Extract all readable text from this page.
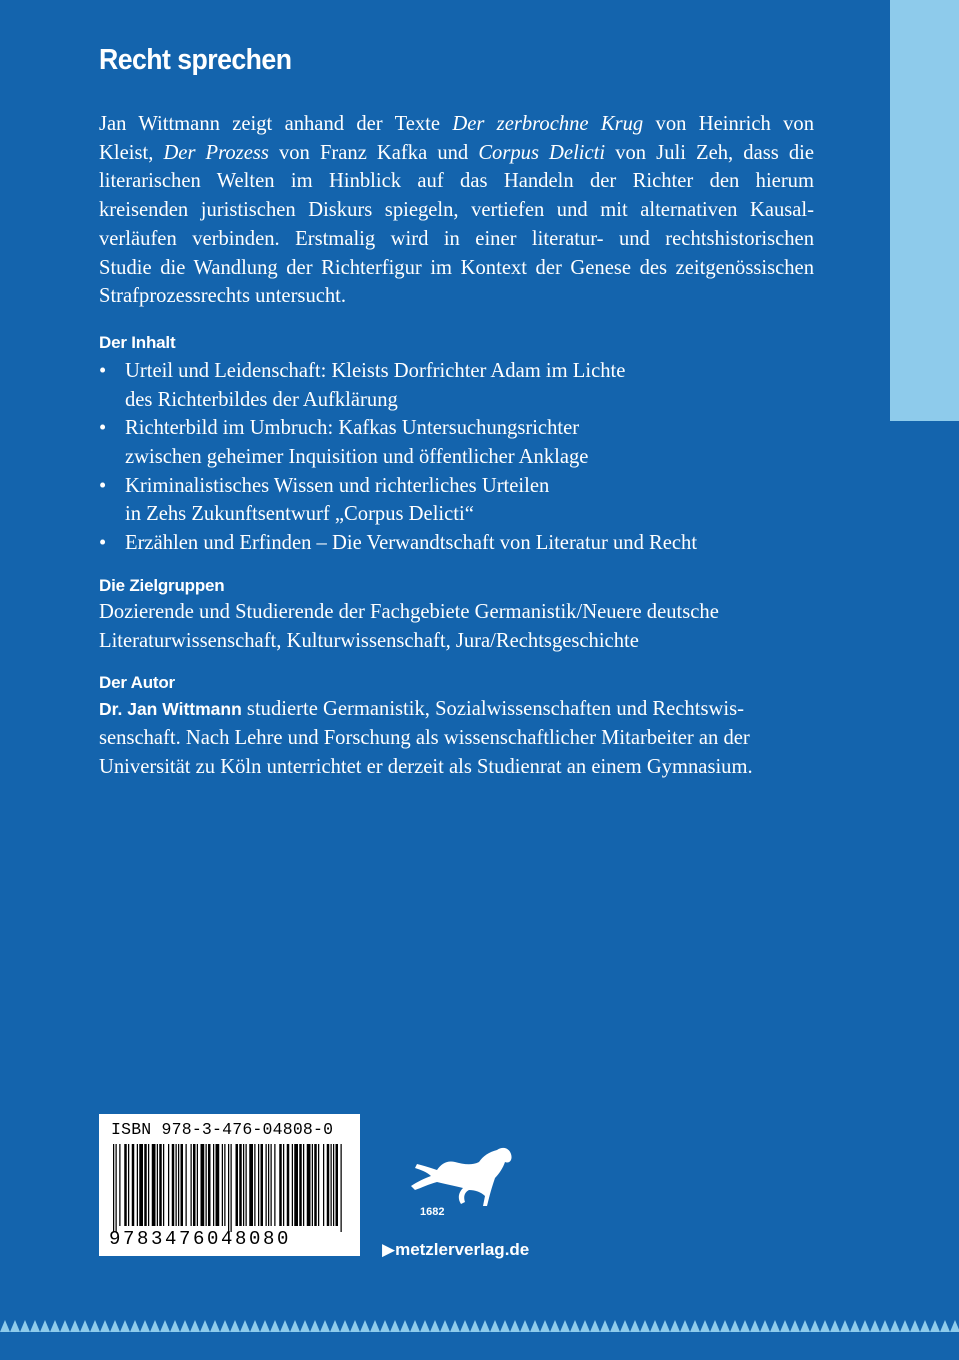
Recht sprechen

Jan Wittmann zeigt anhand der Texte Der zerbrochne Krug von Heinrich von
Kleist, Der Prozess von Franz Kafka und Corpus Delicti von Juli Zeh, dass die
literarischen Welten im Hinblick auf das Handeln der Richter den hierum
kreisenden juristischen Diskurs spiegeln, vertiefen und mit alternativen Kausal-
verläufen verbinden. Erstmalig wird in einer literatur- und rechtshistorischen
Studie die Wandlung der Richterfigur im Kontext der Genese des zeitgenössischen
Strafprozessrechts untersucht.

Der Inhalt
• Urteil und Leidenschaft: Kleists Dorfrichter Adam im Lichte
des Richterbildes der Aufklärung
• Richterbild im Umbruch: Kafkas Untersuchungsrichter
zwischen geheimer Inquisition und öffentlicher Anklage
• Kriminalistisches Wissen und richterliches Urteilen
in Zehs Zukunftsentwurf „Corpus Delicti“
• Erzählen und Erfinden – Die Verwandtschaft von Literatur und Recht
Die Zielgruppen

Dozierende und Studierende der Fachgebiete Germanistik/Neuere deutsche
Literaturwissenschaft, Kulturwissenschaft, Jura/Rechtsgeschichte

Der Autor

Dr. Jan Wittmann studierte Germanistik, Sozialwissenschaften und Rechtswis-
senschaft. Nach Lehre und Forschung als wissenschaftlicher Mitarbeiter an der
Universität zu Köln unterrichtet er derzeit als Studienrat an einem Gymnasium.

ISBN 978-3-476-04808-0
9783476048080
1682
▶metzlerverlag.de
